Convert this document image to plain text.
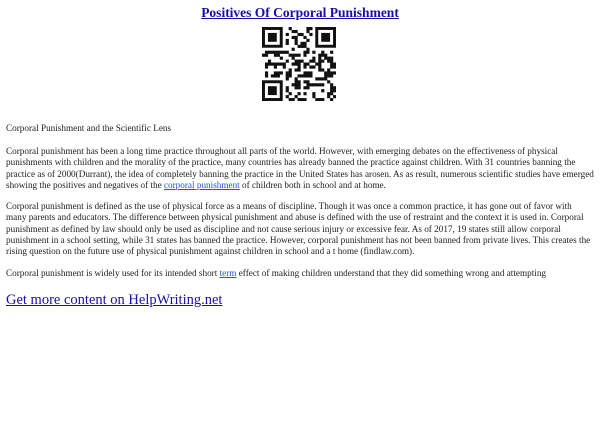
Positives Of Corporal Punishment
Corporal Punishment and the Scientific Lens

Corporal punishment has been a long time practice throughout all parts of the world. However, with emerging debates on the effectiveness of physical punishments with children and the morality of the practice, many countries has already banned the practice against children. With 31 countries banning the practice as of 2000(Durrant), the idea of completely banning the practice in the United States has arosen. As as result, numerous scientific studies have emerged showing the positives and negatives of the corporal punishment of children both in school and at home.

Corporal punishment is defined as the use of physical force as a means of discipline. Though it was once a common practice, it has gone out of favor with many parents and educators. The difference between physical punishment and abuse is defined with the use of restraint and the context it is used in. Corporal punishment as defined by law should only be used as discipline and not cause serious injury or excessive fear. As of 2017, 19 states still allow corporal punishment in a school setting, while 31 states has banned the practice. However, corporal punishment has not been banned from private lives. This creates the rising question on the future use of physical punishment against children in school and a t home (findlaw.com).

Corporal punishment is widely used for its intended short term effect of making children understand that they did something wrong and attempting

Get more content on HelpWriting.net
